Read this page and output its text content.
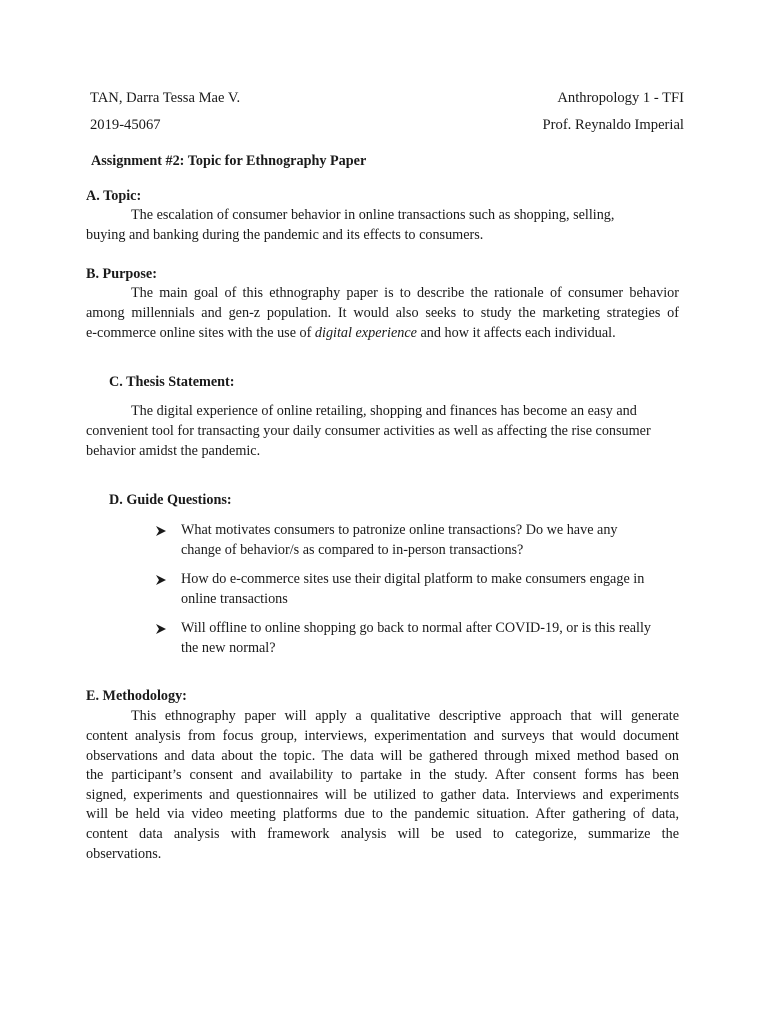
TAN, Darra Tessa Mae V.
2019-45067
Anthropology 1 - TFI
Prof. Reynaldo Imperial
Assignment #2: Topic for Ethnography Paper
A. Topic:
The escalation of consumer behavior in online transactions such as shopping, selling,
buying and banking during the pandemic and its effects to consumers.
B. Purpose:
The main goal of this ethnography paper is to describe the rationale of consumer behavior
among millennials and gen-z population. It would also seeks to study the marketing strategies of
e-commerce online sites with the use of digital experience and how it affects each individual.
C. Thesis Statement:
The digital experience of online retailing, shopping and finances has become an easy and
convenient tool for transacting your daily consumer activities as well as affecting the rise consumer
behavior amidst the pandemic.
D. Guide Questions:
What motivates consumers to patronize online transactions? Do we have any
change of behavior/s as compared to in-person transactions?
How do e-commerce sites use their digital platform to make consumers engage in
online transactions
Will offline to online shopping go back to normal after COVID-19, or is this really
the new normal?
E. Methodology:
This ethnography paper will apply a qualitative descriptive approach that will generate
content analysis from focus group, interviews, experimentation and surveys that would document
observations and data about the topic. The data will be gathered through mixed method based on
the participant’s consent and availability to partake in the study. After consent forms has been
signed, experiments and questionnaires will be utilized to gather data. Interviews and experiments
will be held via video meeting platforms due to the pandemic situation. After gathering of data,
content data analysis with framework analysis will be used to categorize, summarize the
observations.
